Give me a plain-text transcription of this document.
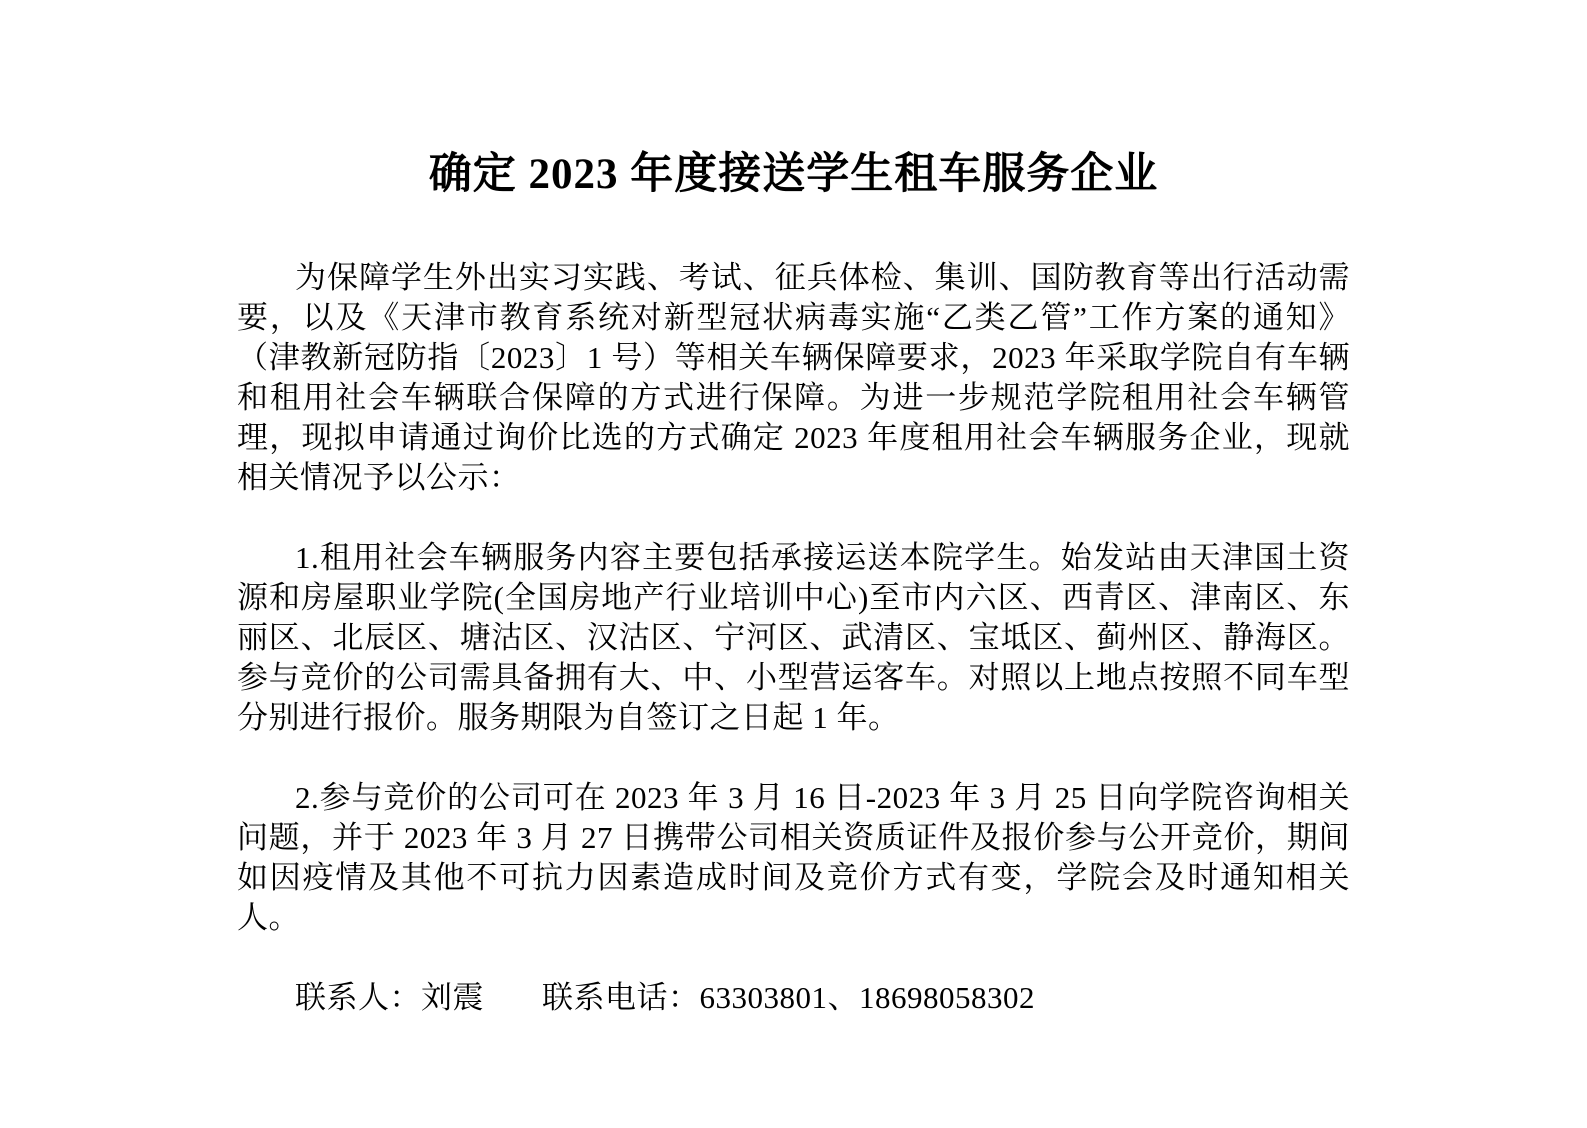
确定 2023 年度接送学生租车服务企业

为保障学生外出实习实践、考试、征兵体检、集训、国防教育等出行活动需要，以及《天津市教育系统对新型冠状病毒实施“乙类乙管”工作方案的通知》（津教新冠防指〔2023〕1 号）等相关车辆保障要求，2023 年采取学院自有车辆和租用社会车辆联合保障的方式进行保障。为进一步规范学院租用社会车辆管理，现拟申请通过询价比选的方式确定 2023 年度租用社会车辆服务企业，现就相关情况予以公示：

1.租用社会车辆服务内容主要包括承接运送本院学生。始发站由天津国土资源和房屋职业学院(全国房地产行业培训中心)至市内六区、西青区、津南区、东丽区、北辰区、塘沽区、汉沽区、宁河区、武清区、宝坻区、蓟州区、静海区。参与竞价的公司需具备拥有大、中、小型营运客车。对照以上地点按照不同车型分别进行报价。服务期限为自签订之日起 1 年。

2.参与竞价的公司可在 2023 年 3 月 16 日-2023 年 3 月 25 日向学院咨询相关问题，并于 2023 年 3 月 27 日携带公司相关资质证件及报价参与公开竞价，期间如因疫情及其他不可抗力因素造成时间及竞价方式有变，学院会及时通知相关人。

联系人：刘震 联系电话：63303801、18698058302
